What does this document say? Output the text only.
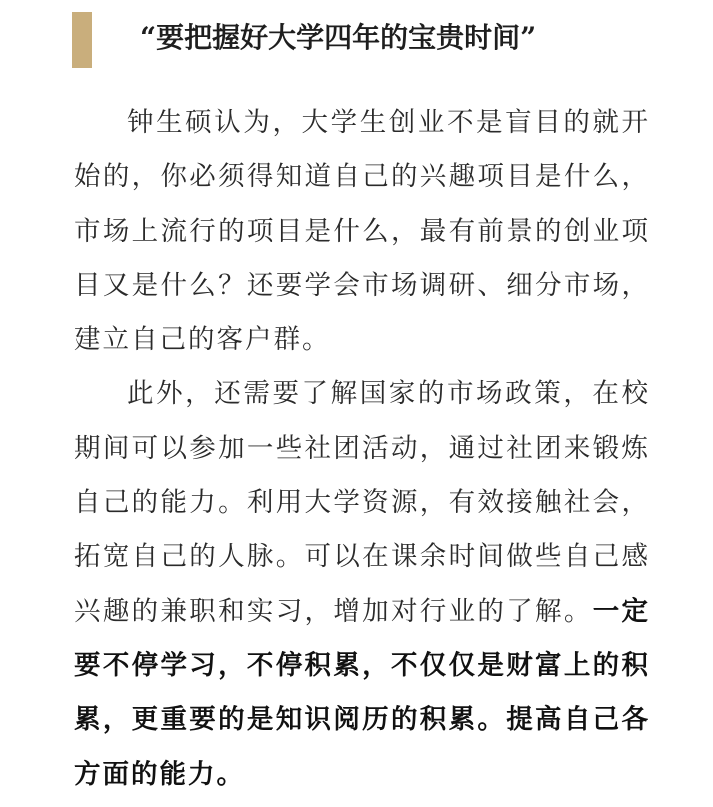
“要把握好大学四年的宝贵时间”

钟生硕认为，大学生创业不是盲目的就开始的，你必须得知道自己的兴趣项目是什么，市场上流行的项目是什么，最有前景的创业项目又是什么？还要学会市场调研、细分市场，建立自己的客户群。

此外，还需要了解国家的市场政策，在校期间可以参加一些社团活动，通过社团来锻炼自己的能力。利用大学资源，有效接触社会，拓宽自己的人脉。可以在课余时间做些自己感兴趣的兼职和实习，增加对行业的了解。一定要不停学习，不停积累，不仅仅是财富上的积累，更重要的是知识阅历的积累。提高自己各方面的能力。
